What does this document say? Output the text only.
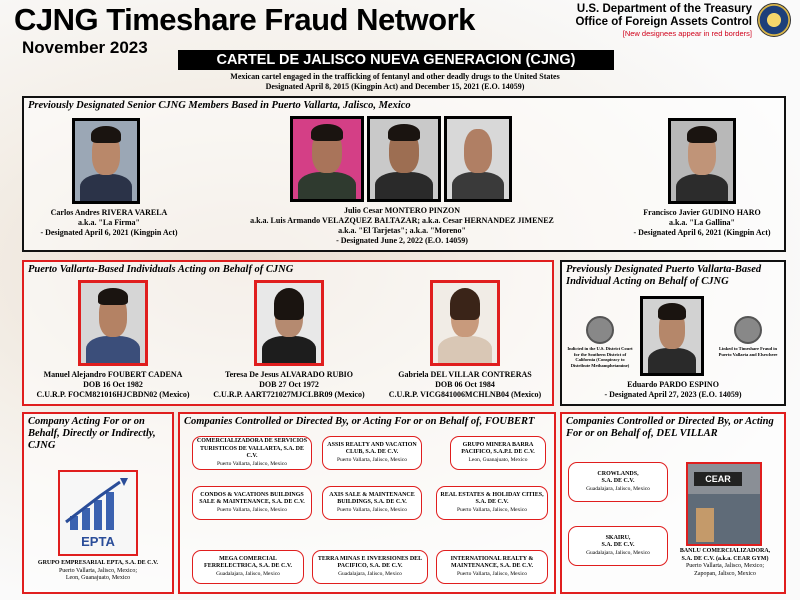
CJNG Timeshare Fraud Network
November 2023
U.S. Department of the Treasury
Office of Foreign Assets Control
[New designees appear in red borders]
CARTEL DE JALISCO NUEVA GENERACION (CJNG)
Mexican cartel engaged in the trafficking of fentanyl and other deadly drugs to the United States
Designated April 8, 2015 (Kingpin Act) and December 15, 2021 (E.O. 14059)
Previously Designated Senior CJNG Members Based in Puerto Vallarta, Jalisco, Mexico
Carlos Andres RIVERA VARELA
a.k.a. "La Firma"
- Designated April 6, 2021 (Kingpin Act)
Julio Cesar MONTERO PINZON
a.k.a. Luis Armando VELAZQUEZ BALTAZAR; a.k.a. Cesar HERNANDEZ JIMENEZ
a.k.a. "El Tarjetas"; a.k.a. "Moreno"
- Designated June 2, 2022 (E.O. 14059)
Francisco Javier GUDINO HARO
a.k.a. "La Gallina"
- Designated April 6, 2021 (Kingpin Act)
Puerto Vallarta-Based Individuals Acting on Behalf of CJNG
Manuel Alejandro FOUBERT CADENA
DOB 16 Oct 1982
C.U.R.P. FOCM821016HJCBDN02 (Mexico)
Teresa De Jesus ALVARADO RUBIO
DOB 27 Oct 1972
C.U.R.P. AART721027MJCLBR09 (Mexico)
Gabriela DEL VILLAR CONTRERAS
DOB 06 Oct 1984
C.U.R.P. VICG841006MCHLNB04 (Mexico)
Previously Designated Puerto Vallarta-Based Individual Acting on Behalf of CJNG
Indicted in the U.S. District Court for the Southern District of California (Conspiracy to Distribute Methamphetamine)
Linked to Timeshare Fraud in Puerto Vallarta and Elsewhere
Eduardo PARDO ESPINO
- Designated April 27, 2023 (E.O. 14059)
Company Acting For or on Behalf, Directly or Indirectly, CJNG
EPTA
GRUPO EMPRESARIAL EPTA, S.A. DE C.V.
Puerto Vallarta, Jalisco, Mexico;
Leon, Guanajuato, Mexico
Companies Controlled or Directed By, or Acting For or on Behalf of, FOUBERT
COMERCIALIZADORA DE SERVICIOS TURISTICOS DE VALLARTA, S.A. DE C.V.
Puerto Vallarta, Jalisco, Mexico
ASSIS REALTY AND VACATION CLUB, S.A. DE C.V.
Puerto Vallarta, Jalisco, Mexico
GRUPO MINERA BARRA PACIFICO, S.A.P.I. DE C.V.
Leon, Guanajuato, Mexico
CONDOS & VACATIONS BUILDINGS SALE & MAINTENANCE, S.A. DE C.V.
Puerto Vallarta, Jalisco, Mexico
AXIS SALE & MAINTENANCE BUILDINGS, S.A. DE C.V.
Puerto Vallarta, Jalisco, Mexico
REAL ESTATES & HOLIDAY CITIES, S.A. DE C.V.
Puerto Vallarta, Jalisco, Mexico
MEGA COMERCIAL FERRELECTRICA, S.A. DE C.V.
Guadalajara, Jalisco, Mexico
TERRA MINAS E INVERSIONES DEL PACIFICO, S.A. DE C.V.
Guadalajara, Jalisco, Mexico
INTERNATIONAL REALTY & MAINTENANCE, S.A. DE C.V.
Puerto Vallarta, Jalisco, Mexico
Companies Controlled or Directed By, or Acting For or on Behalf of, DEL VILLAR
CROWLANDS,
S.A. DE C.V.
Guadalajara, Jalisco, Mexico
SKAIRU,
S.A. DE C.V.
Guadalajara, Jalisco, Mexico
CEAR
BANLU COMERCIALIZADORA,
S.A. DE C.V. (a.k.a. CEAR GYM)
Puerto Vallarta, Jalisco, Mexico;
Zapopan, Jalisco, Mexico
